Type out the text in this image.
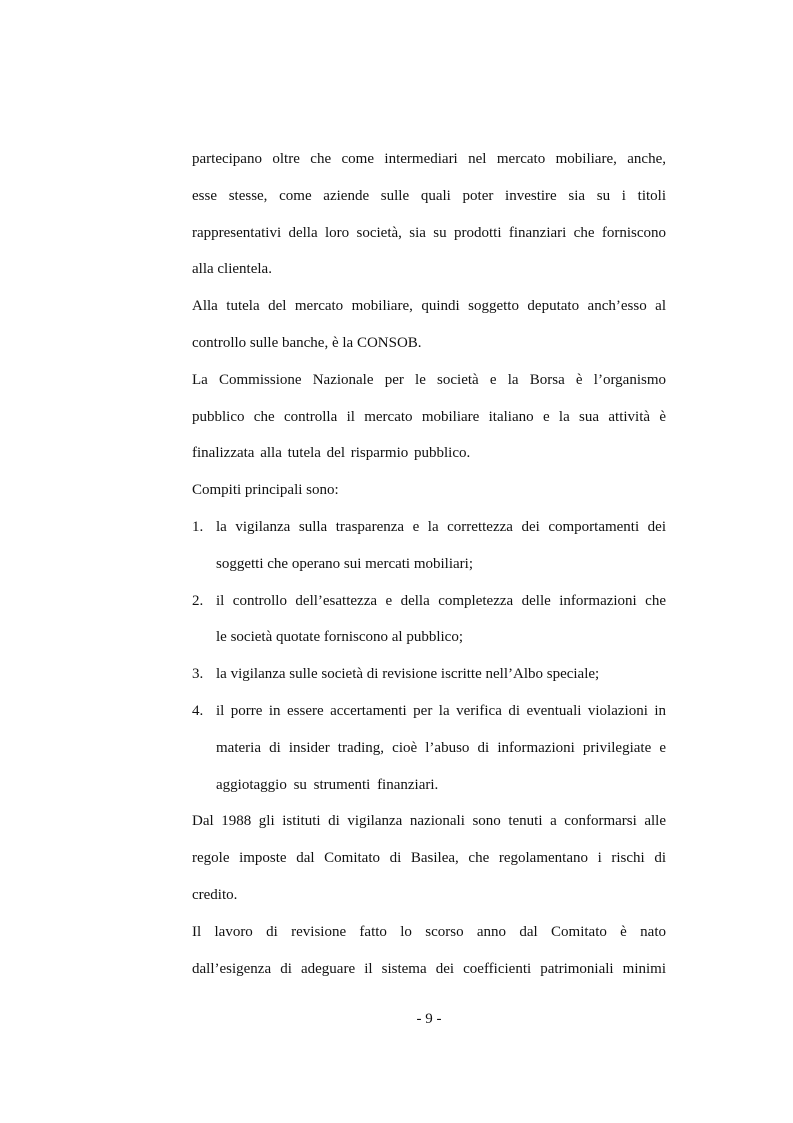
partecipano oltre che come intermediari nel mercato mobiliare, anche,

esse stesse, come aziende sulle quali poter investire sia su i titoli

rappresentativi della loro società, sia su prodotti finanziari che forniscono

alla clientela.

Alla tutela del mercato mobiliare, quindi soggetto deputato anch’esso al

controllo sulle banche, è la CONSOB.

La Commissione Nazionale per le società e la Borsa è l’organismo

pubblico che controlla il mercato mobiliare italiano e la sua attività è

finalizzata alla tutela del risparmio pubblico.

Compiti principali sono:

1. la vigilanza sulla trasparenza e la correttezza dei comportamenti dei

soggetti che operano sui mercati mobiliari;

2. il controllo dell’esattezza e della completezza delle informazioni che

le società quotate forniscono al pubblico;

3. la vigilanza sulle società di revisione iscritte nell’Albo speciale;

4. il porre in essere accertamenti per la verifica di eventuali violazioni in

materia di insider trading, cioè l’abuso di informazioni privilegiate e

aggiotaggio su strumenti finanziari.

Dal 1988 gli istituti di vigilanza nazionali sono tenuti a conformarsi alle

regole imposte dal Comitato di Basilea, che regolamentano i rischi di

credito.

Il lavoro di revisione fatto lo scorso anno dal Comitato è nato

dall’esigenza di adeguare il sistema dei coefficienti patrimoniali minimi

- 9 -
